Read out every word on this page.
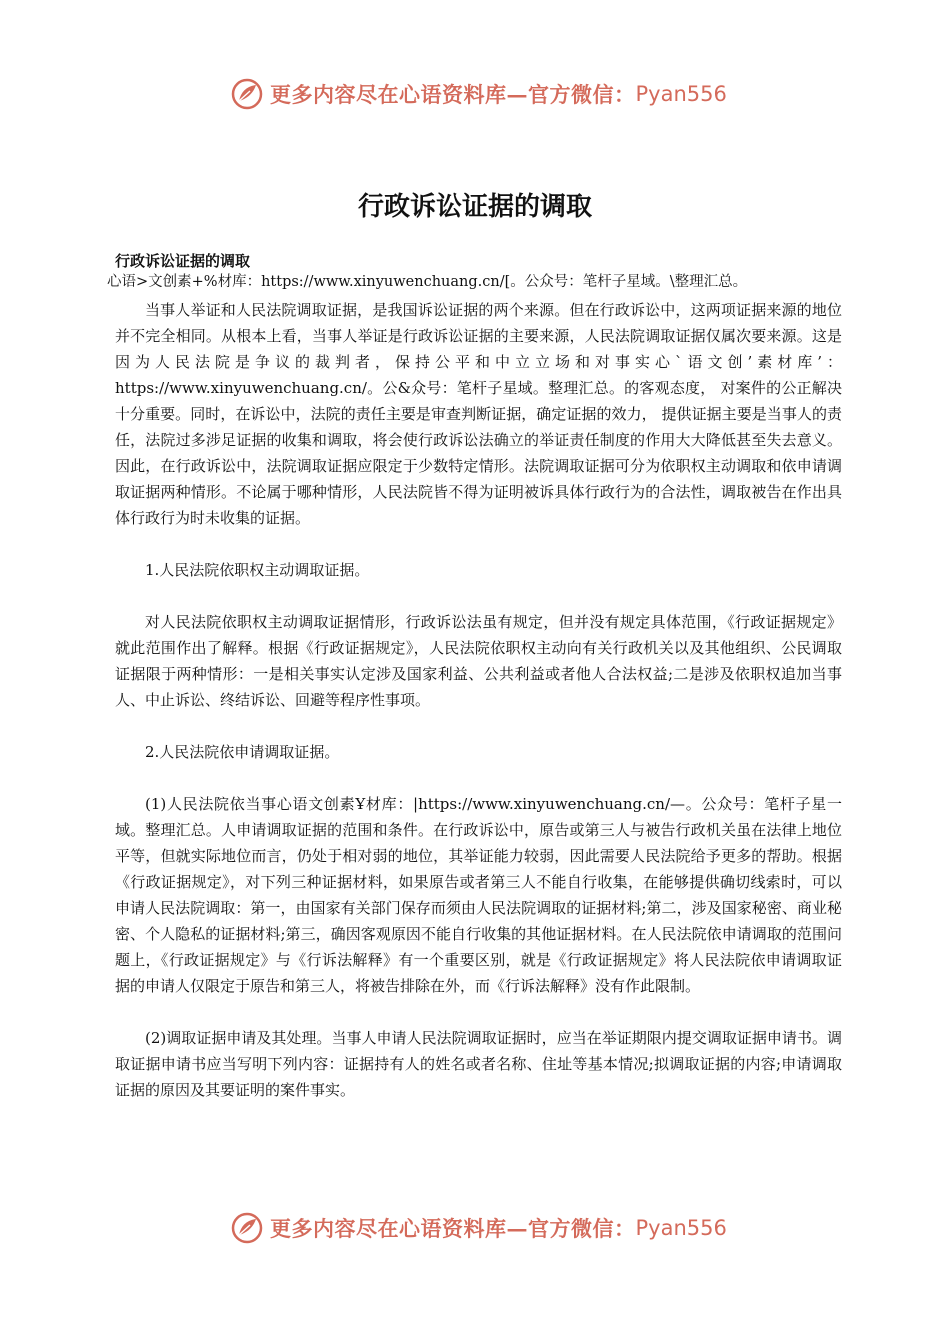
更多内容尽在心语资料库—官方微信： Pyan556
行政诉讼证据的调取

行政诉讼证据的调取

心语>文创素+%材库：https://www.xinyuwenchuang.cn/[。公众号：笔杆子星域。\整理汇总。

当事人举证和人民法院调取证据，是我国诉讼证据的两个来源。但在行政诉讼中，这两项证据来源的地位并不完全相同。从根本上看，当事人举证是行政诉讼证据的主要来源，人民法院调取证据仅属次要来源。这是因为人民法院是争议的裁判者，保持公平和中立立场和对事实心`语文创’素材库’：https://www.xinyuwenchuang.cn/。公&众号：笔杆子星域。整理汇总。的客观态度， 对案件的公正解决十分重要。同时，在诉讼中，法院的责任主要是审查判断证据，确定证据的效力， 提供证据主要是当事人的责任，法院过多涉足证据的收集和调取，将会使行政诉讼法确立的举证责任制度的作用大大降低甚至失去意义。因此，在行政诉讼中，法院调取证据应限定于少数特定情形。法院调取证据可分为依职权主动调取和依申请调取证据两种情形。不论属于哪种情形，人民法院皆不得为证明被诉具体行政行为的合法性，调取被告在作出具体行政行为时未收集的证据。

1.人民法院依职权主动调取证据。

对人民法院依职权主动调取证据情形，行政诉讼法虽有规定，但并没有规定具体范围，《行政证据规定》就此范围作出了解释。根据《行政证据规定》，人民法院依职权主动向有关行政机关以及其他组织、公民调取证据限于两种情形：一是相关事实认定涉及国家利益、公共利益或者他人合法权益;二是涉及依职权追加当事人、中止诉讼、终结诉讼、回避等程序性事项。

2.人民法院依申请调取证据。

(1)人民法院依当事心语文创素Ұ材库：|https://www.xinyuwenchuang.cn/—。公众号：笔杆子星一域。整理汇总。人申请调取证据的范围和条件。在行政诉讼中，原告或第三人与被告行政机关虽在法律上地位平等，但就实际地位而言，仍处于相对弱的地位，其举证能力较弱，因此需要人民法院给予更多的帮助。根据《行政证据规定》，对下列三种证据材料，如果原告或者第三人不能自行收集，在能够提供确切线索时，可以申请人民法院调取：第一，由国家有关部门保存而须由人民法院调取的证据材料;第二，涉及国家秘密、商业秘密、个人隐私的证据材料;第三，确因客观原因不能自行收集的其他证据材料。在人民法院依申请调取的范围问题上，《行政证据规定》与《行诉法解释》有一个重要区别，就是《行政证据规定》将人民法院依申请调取证据的申请人仅限定于原告和第三人，将被告排除在外，而《行诉法解释》没有作此限制。

(2)调取证据申请及其处理。当事人申请人民法院调取证据时，应当在举证期限内提交调取证据申请书。调取证据申请书应当写明下列内容：证据持有人的姓名或者名称、住址等基本情况;拟调取证据的内容;申请调取证据的原因及其要证明的案件事实。

更多内容尽在心语资料库—官方微信： Pyan556
